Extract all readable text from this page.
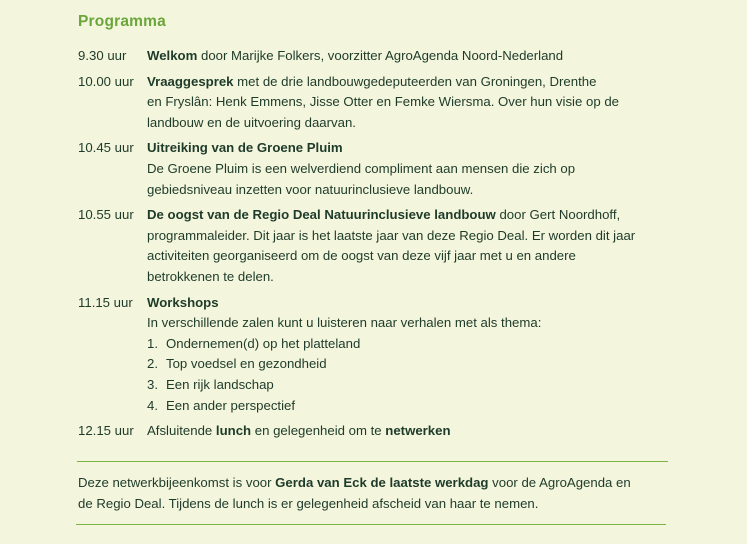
Programma
9.30 uur	Welkom door Marijke Folkers, voorzitter AgroAgenda Noord-Nederland
10.00 uur	Vraaggesprek met de drie landbouwgedeputeerden van Groningen, Drenthe
en Fryslân: Henk Emmens, Jisse Otter en Femke Wiersma. Over hun visie op de
landbouw en de uitvoering daarvan.
10.45 uur	Uitreiking van de Groene Pluim
De Groene Pluim is een welverdiend compliment aan mensen die zich op
gebiedsniveau inzetten voor natuurinclusieve landbouw.
10.55 uur	De oogst van de Regio Deal Natuurinclusieve landbouw door Gert Noordhoff,
programmaleider. Dit jaar is het laatste jaar van deze Regio Deal. Er worden dit jaar
activiteiten georganiseerd om de oogst van deze vijf jaar met u en andere
betrokkenen te delen.
11.15 uur	Workshops
In verschillende zalen kunt u luisteren naar verhalen met als thema:
1. Ondernemen(d) op het platteland
2. Top voedsel en gezondheid
3. Een rijk landschap
4. Een ander perspectief
12.15 uur	Afsluitende lunch en gelegenheid om te netwerken
Deze netwerkbijeenkomst is voor Gerda van Eck de laatste werkdag voor de AgroAgenda en
de Regio Deal. Tijdens de lunch is er gelegenheid afscheid van haar te nemen.
